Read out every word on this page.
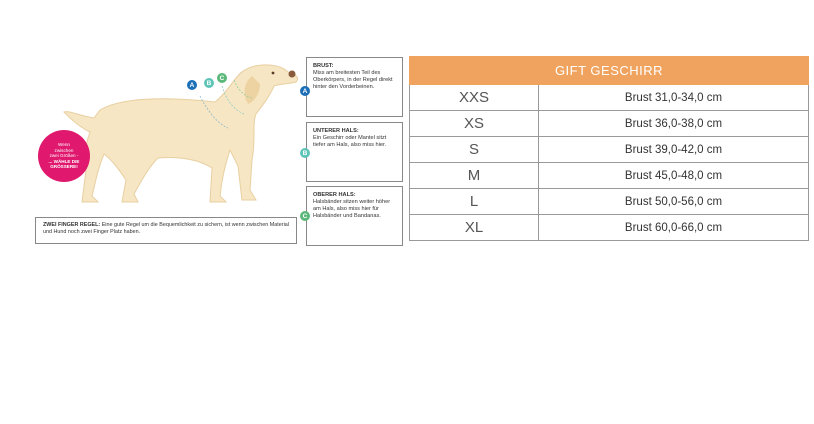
A B
C
Wenn
zwischen
zwei Größen -
... WÄHLE DIE
GRÖSSERE!
ZWEI FINGER REGEL: Eine gute Regel um die Bequemlichkeit zu sichern, ist wenn zwischen Material und Hund noch zwei Finger Platz haben.
BRUST:
Miss am breitesten Teil des Oberkörpers, in der Regel direkt hinter den Vorderbeinen.
A
UNTERER HALS:
Ein Geschirr oder Mantel sitzt tiefer am Hals, also miss hier.
B
OBERER HALS:
Halsbänder sitzen weiter höher am Hals, also miss hier für Halsbänder und Bandanas.
C
GIFT GESCHIRR	
XXS	Brust 31,0-34,0 cm
XS	Brust 36,0-38,0 cm
S	Brust 39,0-42,0 cm
M	Brust 45,0-48,0 cm
L	Brust 50,0-56,0 cm
XL	Brust 60,0-66,0 cm
